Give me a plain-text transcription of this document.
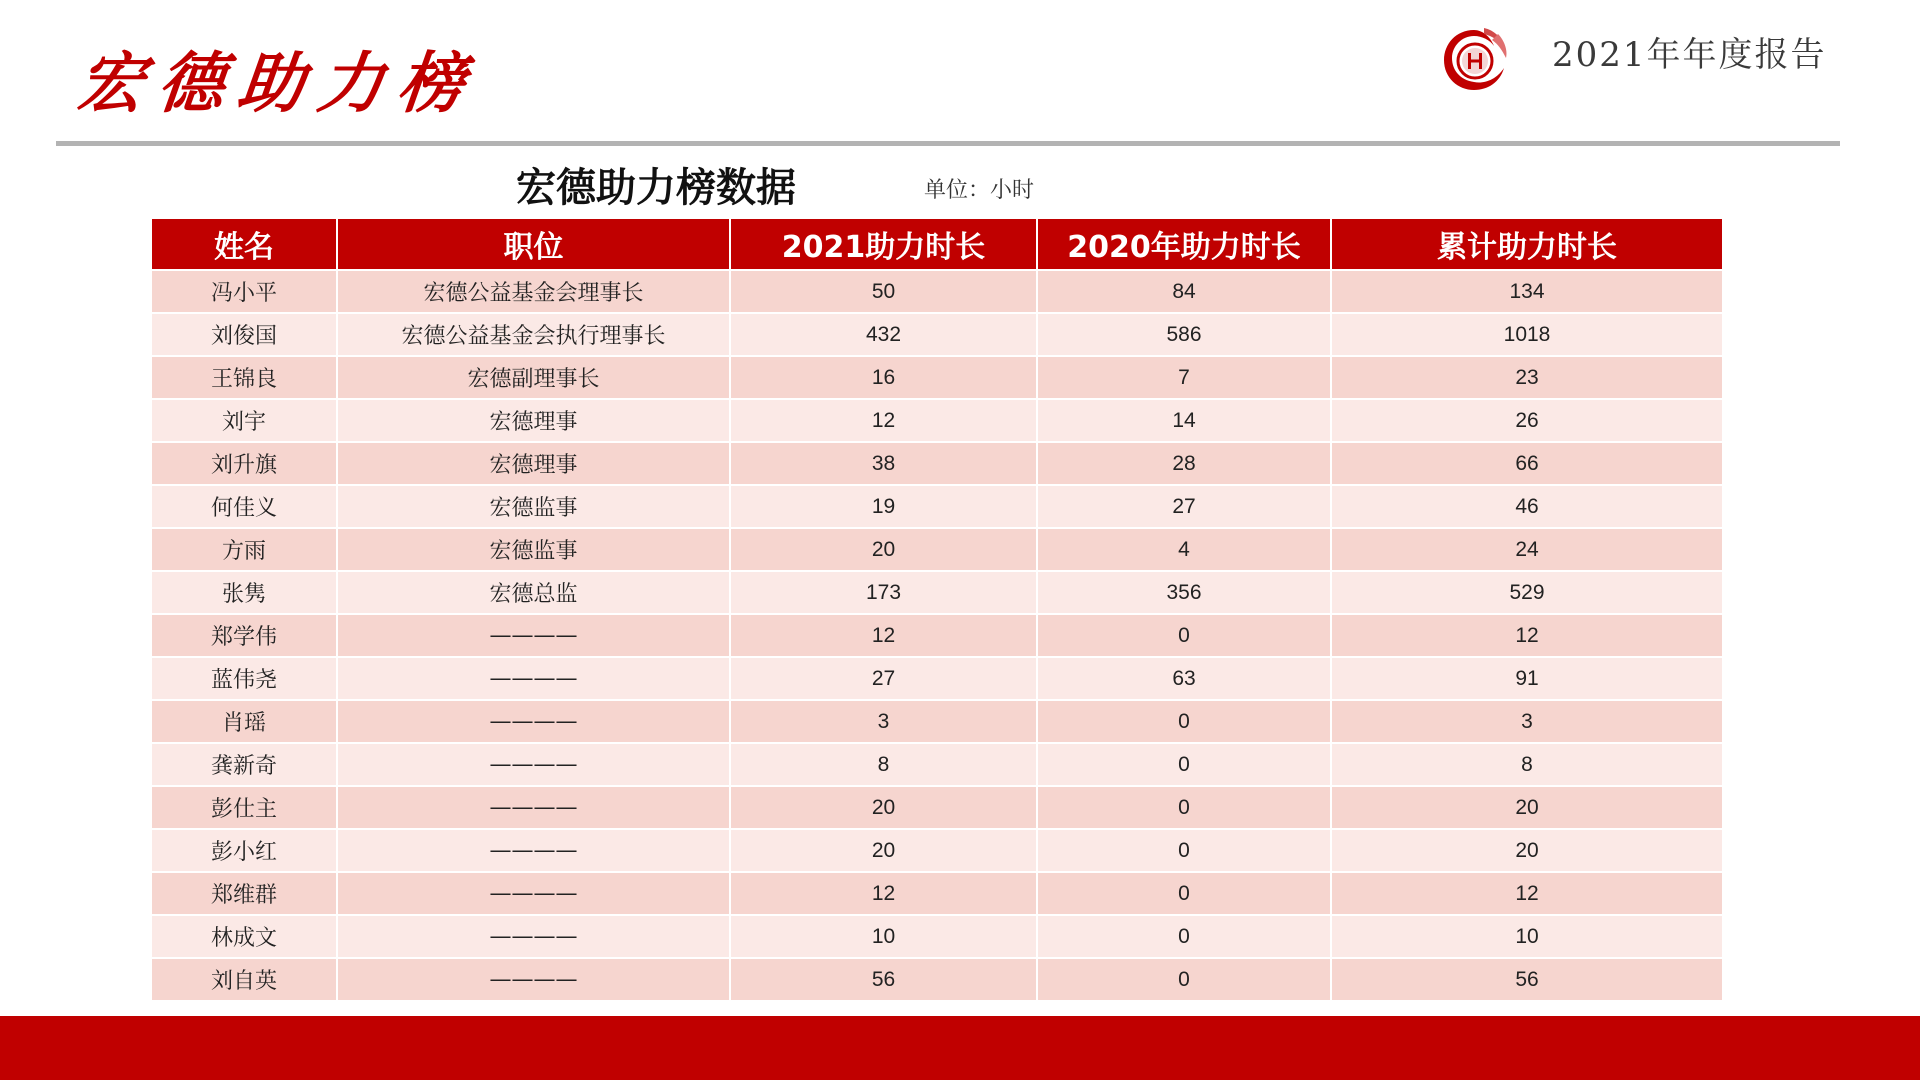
宏德助力榜	2021年年度报告
宏德助力榜数据	单位：小时
姓名	职位	2021助力时长	2020年助力时长	累计助力时长
冯小平	宏德公益基金会理事长	50	84	134
刘俊国	宏德公益基金会执行理事长	432	586	1018
王锦良	宏德副理事长	16	7	23
刘宇	宏德理事	12	14	26
刘升旗	宏德理事	38	28	66
何佳义	宏德监事	19	27	46
方雨	宏德监事	20	4	24
张隽	宏德总监	173	356	529
郑学伟	————	12	0	12
蓝伟尧	————	27	63	91
肖瑶	————	3	0	3
龚新奇	————	8	0	8
彭仕主	————	20	0	20
彭小红	————	20	0	20
郑维群	————	12	0	12
林成文	————	10	0	10
刘自英	————	56	0	56
